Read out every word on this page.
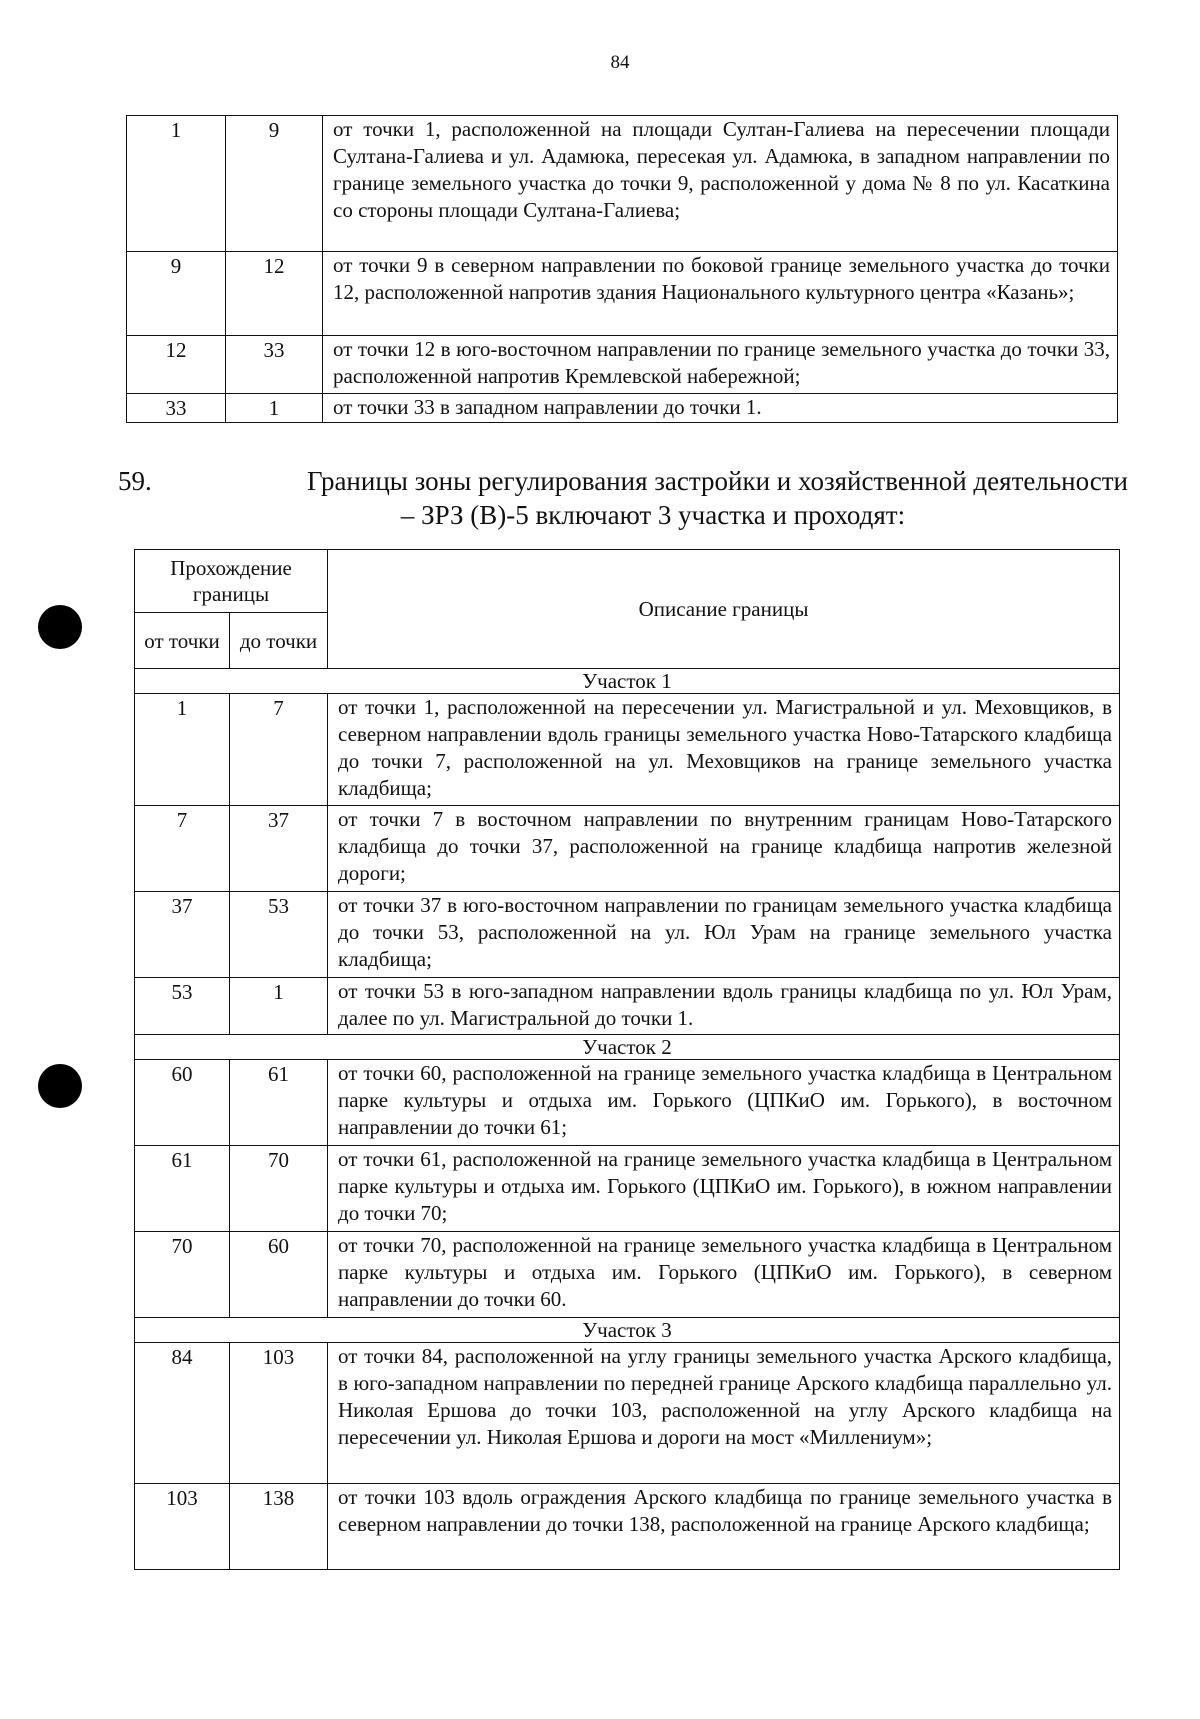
84
1	9	от точки 1, расположенной на площади Султан-Галиева на пересечении площади Султана-Галиева и ул. Адамюка, пересекая ул. Адамюка, в западном направлении по границе земельного участка до точки 9, расположенной у дома № 8 по ул. Касаткина со стороны площади Султана-Галиева;
9	12	от точки 9 в северном направлении по боковой границе земельного участка до точки 12, расположенной напротив здания Национального культурного центра «Казань»;
12	33	от точки 12 в юго-восточном направлении по границе земельного участка до точки 33, расположенной напротив Кремлевской набережной;
33	1	от точки 33 в западном направлении до точки 1.
59.	Границы зоны регулирования застройки и хозяйственной деятельности
– ЗРЗ (В)-5 включают 3 участка и проходят:
Прохождение границы		Описание границы
от точки	до точки	
Участок 1		
1	7	от точки 1, расположенной на пересечении ул. Магистральной и ул. Меховщиков, в северном направлении вдоль границы земельного участка Ново-Татарского кладбища до точки 7, расположенной на ул. Меховщиков на границе земельного участка кладбища;
7	37	от точки 7 в восточном направлении по внутренним границам Ново-Татарского кладбища до точки 37, расположенной на границе кладбища напротив железной дороги;
37	53	от точки 37 в юго-восточном направлении по границам земельного участка кладбища до точки 53, расположенной на ул. Юл Урам на границе земельного участка кладбища;
53	1	от точки 53 в юго-западном направлении вдоль границы кладбища по ул. Юл Урам, далее по ул. Магистральной до точки 1.
Участок 2		
60	61	от точки 60, расположенной на границе земельного участка кладбища в Центральном парке культуры и отдыха им. Горького (ЦПКиО им. Горького), в восточном направлении до точки 61;
61	70	от точки 61, расположенной на границе земельного участка кладбища в Центральном парке культуры и отдыха им. Горького (ЦПКиО им. Горького), в южном направлении до точки 70;
70	60	от точки 70, расположенной на границе земельного участка кладбища в Центральном парке культуры и отдыха им. Горького (ЦПКиО им. Горького), в северном направлении до точки 60.
Участок 3		
84	103	от точки 84, расположенной на углу границы земельного участка Арского кладбища, в юго-западном направлении по передней границе Арского кладбища параллельно ул. Николая Ершова до точки 103, расположенной на углу Арского кладбища на пересечении ул. Николая Ершова и дороги на мост «Миллениум»;
103	138	от точки 103 вдоль ограждения Арского кладбища по границе земельного участка в северном направлении до точки 138, расположенной на границе Арского кладбища;
